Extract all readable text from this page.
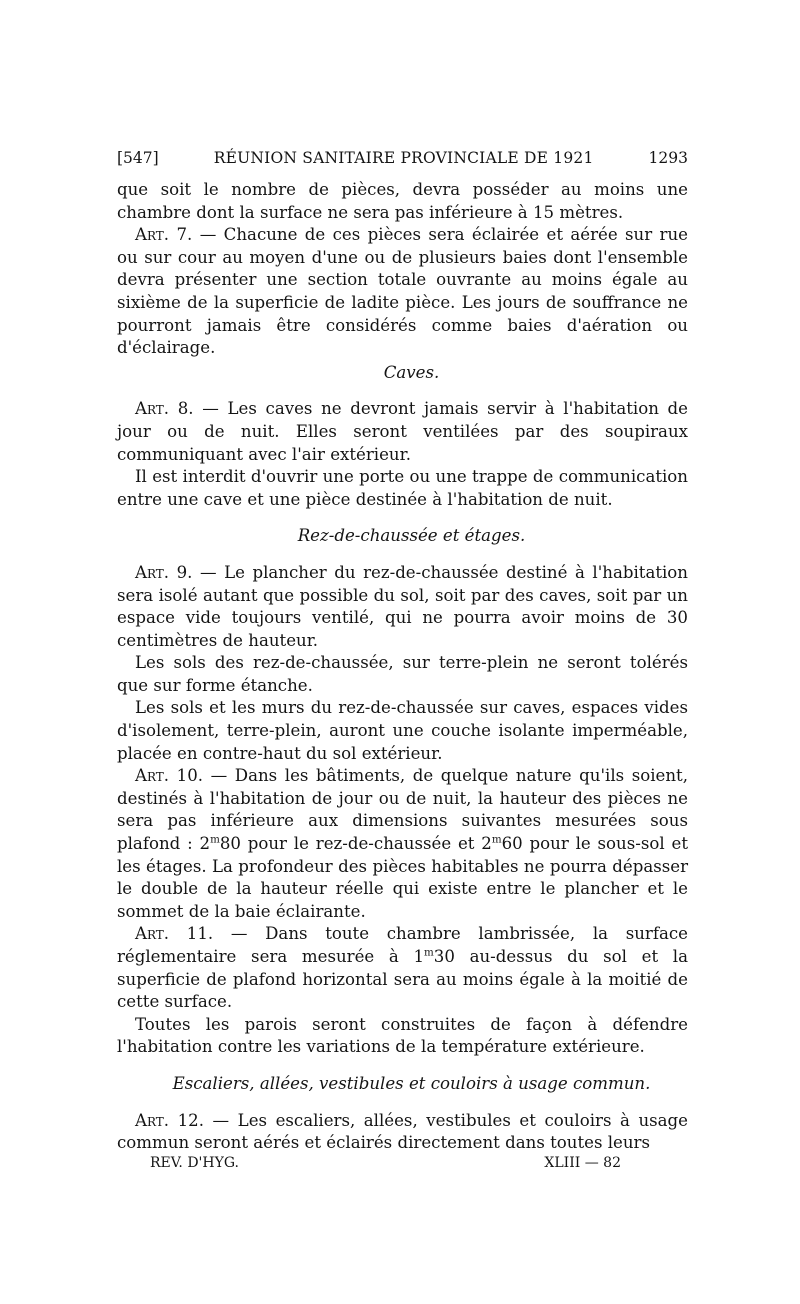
[547]	RÉUNION SANITAIRE PROVINCIALE DE 1921	1293

que soit le nombre de pièces, devra posséder au moins une chambre dont la surface ne sera pas inférieure à 15 mètres.

Art. 7. — Chacune de ces pièces sera éclairée et aérée sur rue ou sur cour au moyen d'une ou de plusieurs baies dont l'ensemble devra présenter une section totale ouvrante au moins égale au sixième de la superficie de ladite pièce. Les jours de souffrance ne pourront jamais être considérés comme baies d'aération ou d'éclairage.

Caves.

Art. 8. — Les caves ne devront jamais servir à l'habitation de jour ou de nuit. Elles seront ventilées par des soupiraux communiquant avec l'air extérieur.

Il est interdit d'ouvrir une porte ou une trappe de communication entre une cave et une pièce destinée à l'habitation de nuit.

Rez-de-chaussée et étages.

Art. 9. — Le plancher du rez-de-chaussée destiné à l'habitation sera isolé autant que possible du sol, soit par des caves, soit par un espace vide toujours ventilé, qui ne pourra avoir moins de 30 centimètres de hauteur.

Les sols des rez-de-chaussée, sur terre-plein ne seront tolérés que sur forme étanche.

Les sols et les murs du rez-de-chaussée sur caves, espaces vides d'isolement, terre-plein, auront une couche isolante imperméable, placée en contre-haut du sol extérieur.

Art. 10. — Dans les bâtiments, de quelque nature qu'ils soient, destinés à l'habitation de jour ou de nuit, la hauteur des pièces ne sera pas inférieure aux dimensions suivantes mesurées sous plafond : 2$^m$80 pour le rez-de-chaussée et 2$^m$60 pour le sous-sol et les étages. La profondeur des pièces habitables ne pourra dépasser le double de la hauteur réelle qui existe entre le plancher et le sommet de la baie éclairante.

Art. 11. — Dans toute chambre lambrissée, la surface réglementaire sera mesurée à 1$^m$30 au-dessus du sol et la superficie de plafond horizontal sera au moins égale à la moitié de cette surface.

Toutes les parois seront construites de façon à défendre l'habitation contre les variations de la température extérieure.

Escaliers, allées, vestibules et couloirs à usage commun.

Art. 12. — Les escaliers, allées, vestibules et couloirs à usage commun seront aérés et éclairés directement dans toutes leurs

REV. D'HYG.	XLIII — 82
